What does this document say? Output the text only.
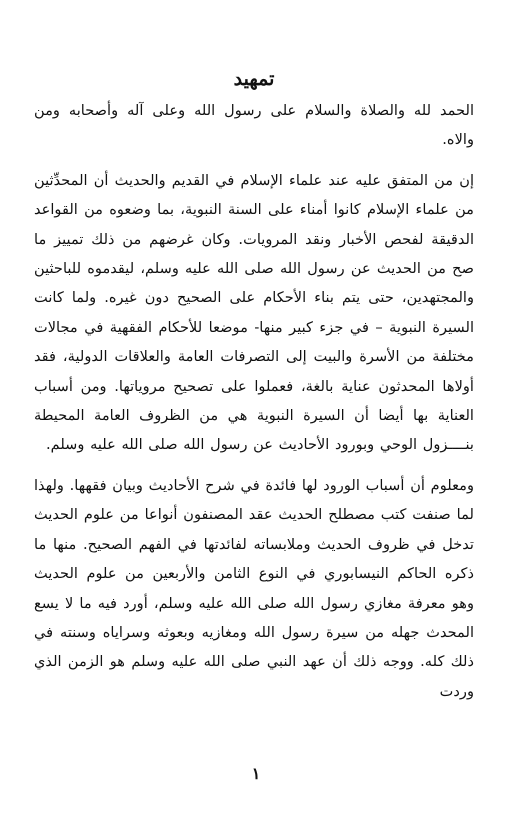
تمهيد

الحمد لله والصلاة والسلام على رسول الله وعلى آله وأصحابه ومن والاه.

إن من المتفق عليه عند علماء الإسلام في القديم والحديث أن المحدِّثين من علماء الإسلام كانوا أمناء على السنة النبوية، بما وضعوه من القواعد الدقيقة لفحص الأخبار ونقد المرويات. وكان غرضهم من ذلك تمييز ما صح من الحديث عن رسول الله صلى الله عليه وسلم، ليقدموه للباحثين والمجتهدين، حتى يتم بناء الأحكام على الصحيح دون غيره. ولما كانت السيرة النبوية – في جزء كبير منها- موضعا للأحكام الفقهية في مجالات مختلفة من الأسرة والبيت إلى التصرفات العامة والعلاقات الدولية، فقد أولاها المحدثون عناية بالغة، فعملوا على تصحيح مروياتها. ومن أسباب العناية بها أيضا أن السيرة النبوية هي من الظروف العامة المحيطة بنــــزول الوحي وبورود الأحاديث عن رسول الله صلى الله عليه وسلم.

ومعلوم أن أسباب الورود لها فائدة في شرح الأحاديث وبيان فقهها. ولهذا لما صنفت كتب مصطلح الحديث عقد المصنفون أنواعا من علوم الحديث تدخل في ظروف الحديث وملابساته لفائدتها في الفهم الصحيح. منها ما ذكره الحاكم النيسابوري في النوع الثامن والأربعين من علوم الحديث وهو معرفة مغازي رسول الله صلى الله عليه وسلم، أورد فيه ما لا يسع المحدث جهله من سيرة رسول الله ومغازيه وبعوثه وسراياه وسنته في ذلك كله. ووجه ذلك أن عهد النبي صلى الله عليه وسلم هو الزمن الذي وردت

١
